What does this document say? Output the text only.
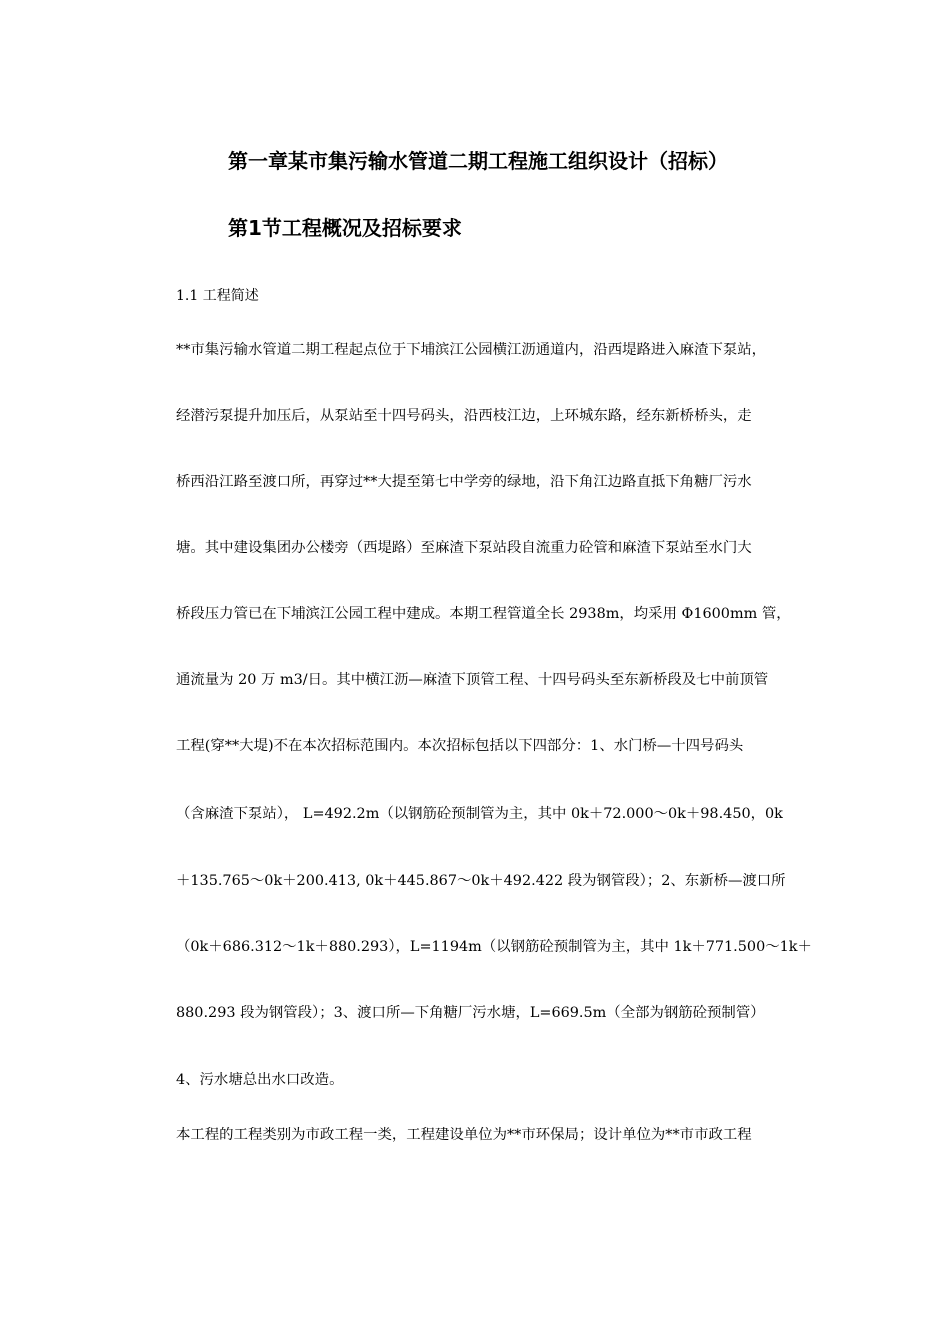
第一章某市集污输水管道二期工程施工组织设计（招标）
第1节工程概况及招标要求
1.1 工程简述
**市集污输水管道二期工程起点位于下埔滨江公园横江沥通道内，沿西堤路进入麻渣下泵站，
经潜污泵提升加压后，从泵站至十四号码头，沿西枝江边，上环城东路，经东新桥桥头，走
桥西沿江路至渡口所，再穿过**大提至第七中学旁的绿地，沿下角江边路直抵下角糖厂污水
塘。其中建设集团办公楼旁（西堤路）至麻渣下泵站段自流重力砼管和麻渣下泵站至水门大
桥段压力管已在下埔滨江公园工程中建成。本期工程管道全长 2938m，均采用 Φ1600mm 管，
通流量为 20 万 m3/日。其中横江沥—麻渣下顶管工程、十四号码头至东新桥段及七中前顶管
工程(穿**大堤)不在本次招标范围内。本次招标包括以下四部分：1、水门桥—十四号码头
（含麻渣下泵站）， L=492.2m（以钢筋砼预制管为主，其中 0k＋72.000～0k＋98.450，0k
＋135.765～0k＋200.413, 0k＋445.867～0k＋492.422 段为钢管段）；2、东新桥—渡口所
（0k＋686.312～1k＋880.293），L=1194m（以钢筋砼预制管为主，其中 1k＋771.500～1k＋
880.293 段为钢管段）；3、渡口所—下角糖厂污水塘，L=669.5m（全部为钢筋砼预制管）
4、污水塘总出水口改造。
本工程的工程类别为市政工程一类，工程建设单位为**市环保局；设计单位为**市市政工程
